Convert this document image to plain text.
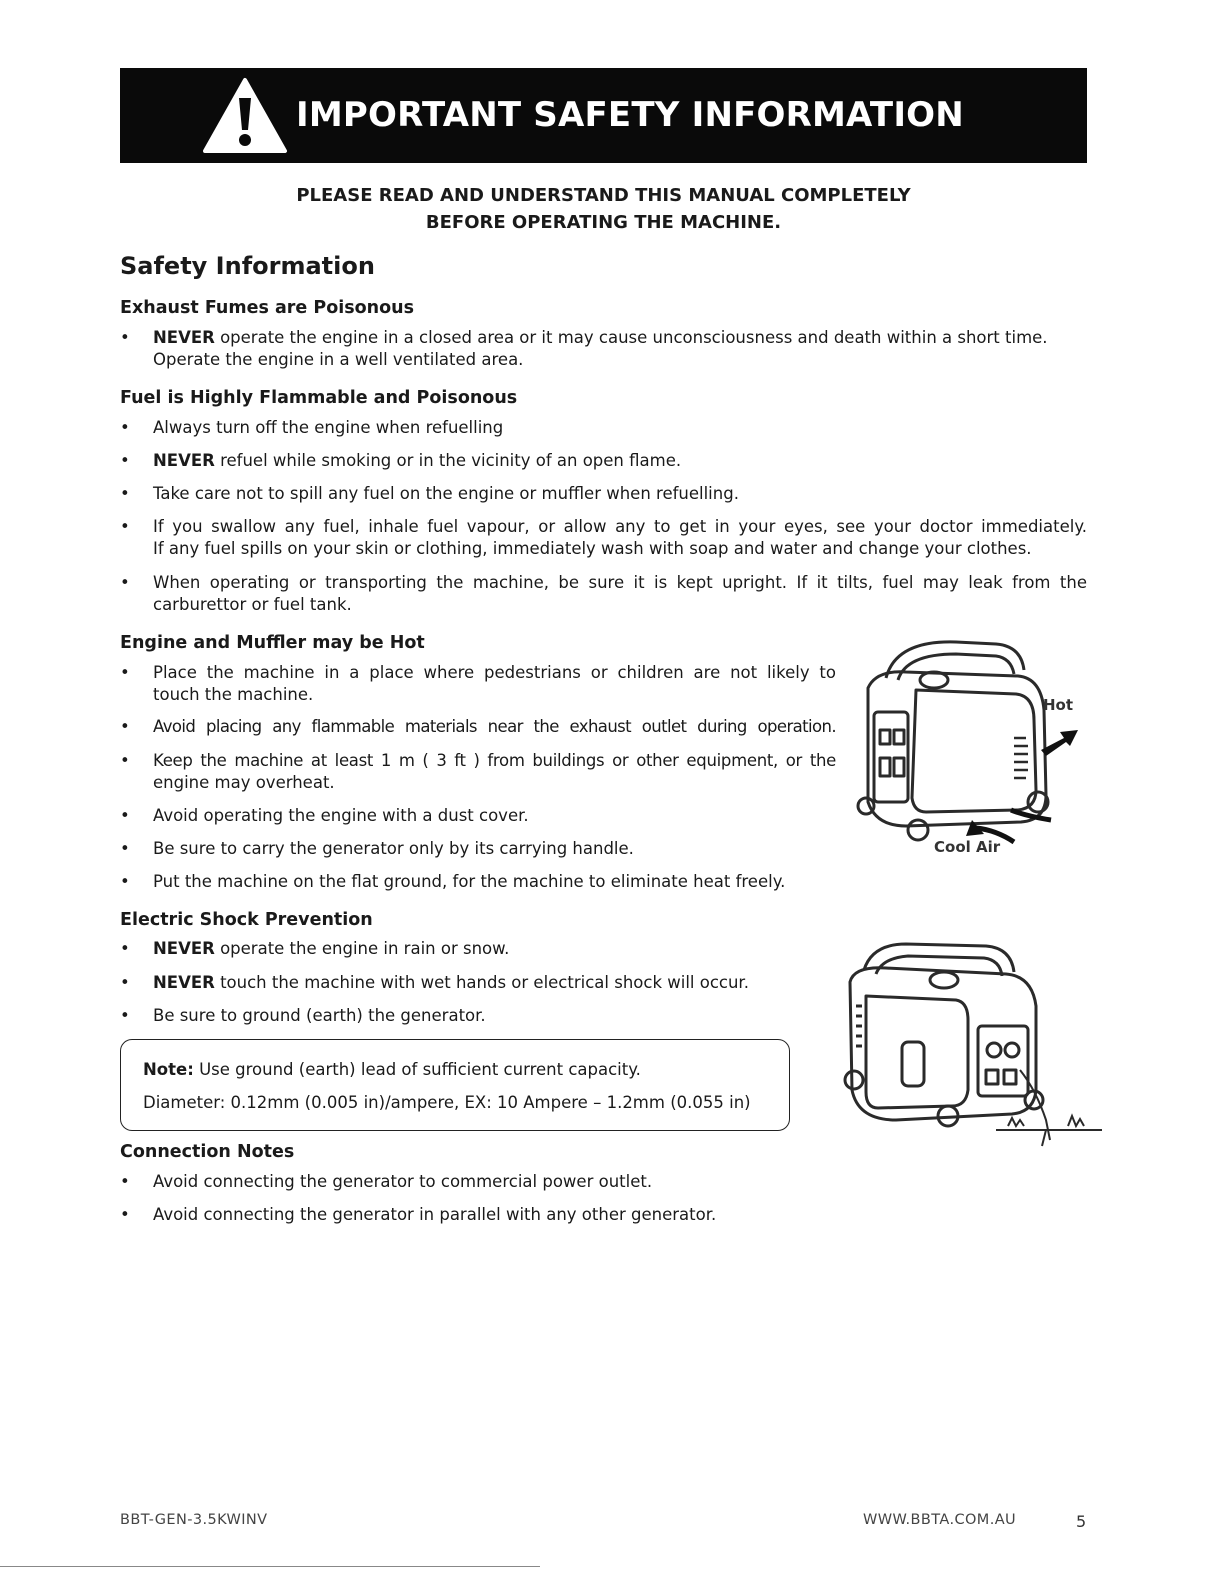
IMPORTANT SAFETY INFORMATION
PLEASE READ AND UNDERSTAND THIS MANUAL COMPLETELY
BEFORE OPERATING THE MACHINE.
Safety Information
Exhaust Fumes are Poisonous
• NEVER operate the engine in a closed area or it may cause unconsciousness and death within a short time.
Operate the engine in a well ventilated area.
Fuel is Highly Flammable and Poisonous
• Always turn off the engine when refuelling
• NEVER refuel while smoking or in the vicinity of an open flame.
• Take care not to spill any fuel on the engine or muffler when refuelling.
• If you swallow any fuel, inhale fuel vapour, or allow any to get in your eyes, see your doctor immediately.
If any fuel spills on your skin or clothing, immediately wash with soap and water and change your clothes.
• When operating or transporting the machine, be sure it is kept upright. If it tilts, fuel may leak from the
carburettor or fuel tank.
Engine and Muffler may be Hot
• Place the machine in a place where pedestrians or children are not likely to
touch the machine.
• Avoid placing any flammable materials near the exhaust outlet during operation.
• Keep the machine at least 1 m ( 3 ft ) from buildings or other equipment, or the
engine may overheat.
• Avoid operating the engine with a dust cover.
• Be sure to carry the generator only by its carrying handle.
• Put the machine on the flat ground, for the machine to eliminate heat freely.
Hot
Cool Air
Electric Shock Prevention
• NEVER operate the engine in rain or snow.
• NEVER touch the machine with wet hands or electrical shock will occur.
• Be sure to ground (earth) the generator.
Note: Use ground (earth) lead of sufficient current capacity.
Diameter: 0.12mm (0.005 in)/ampere, EX: 10 Ampere – 1.2mm (0.055 in)
Connection Notes
• Avoid connecting the generator to commercial power outlet.
• Avoid connecting the generator in parallel with any other generator.
BBT-GEN-3.5KWINV	WWW.BBTA.COM.AU	5
